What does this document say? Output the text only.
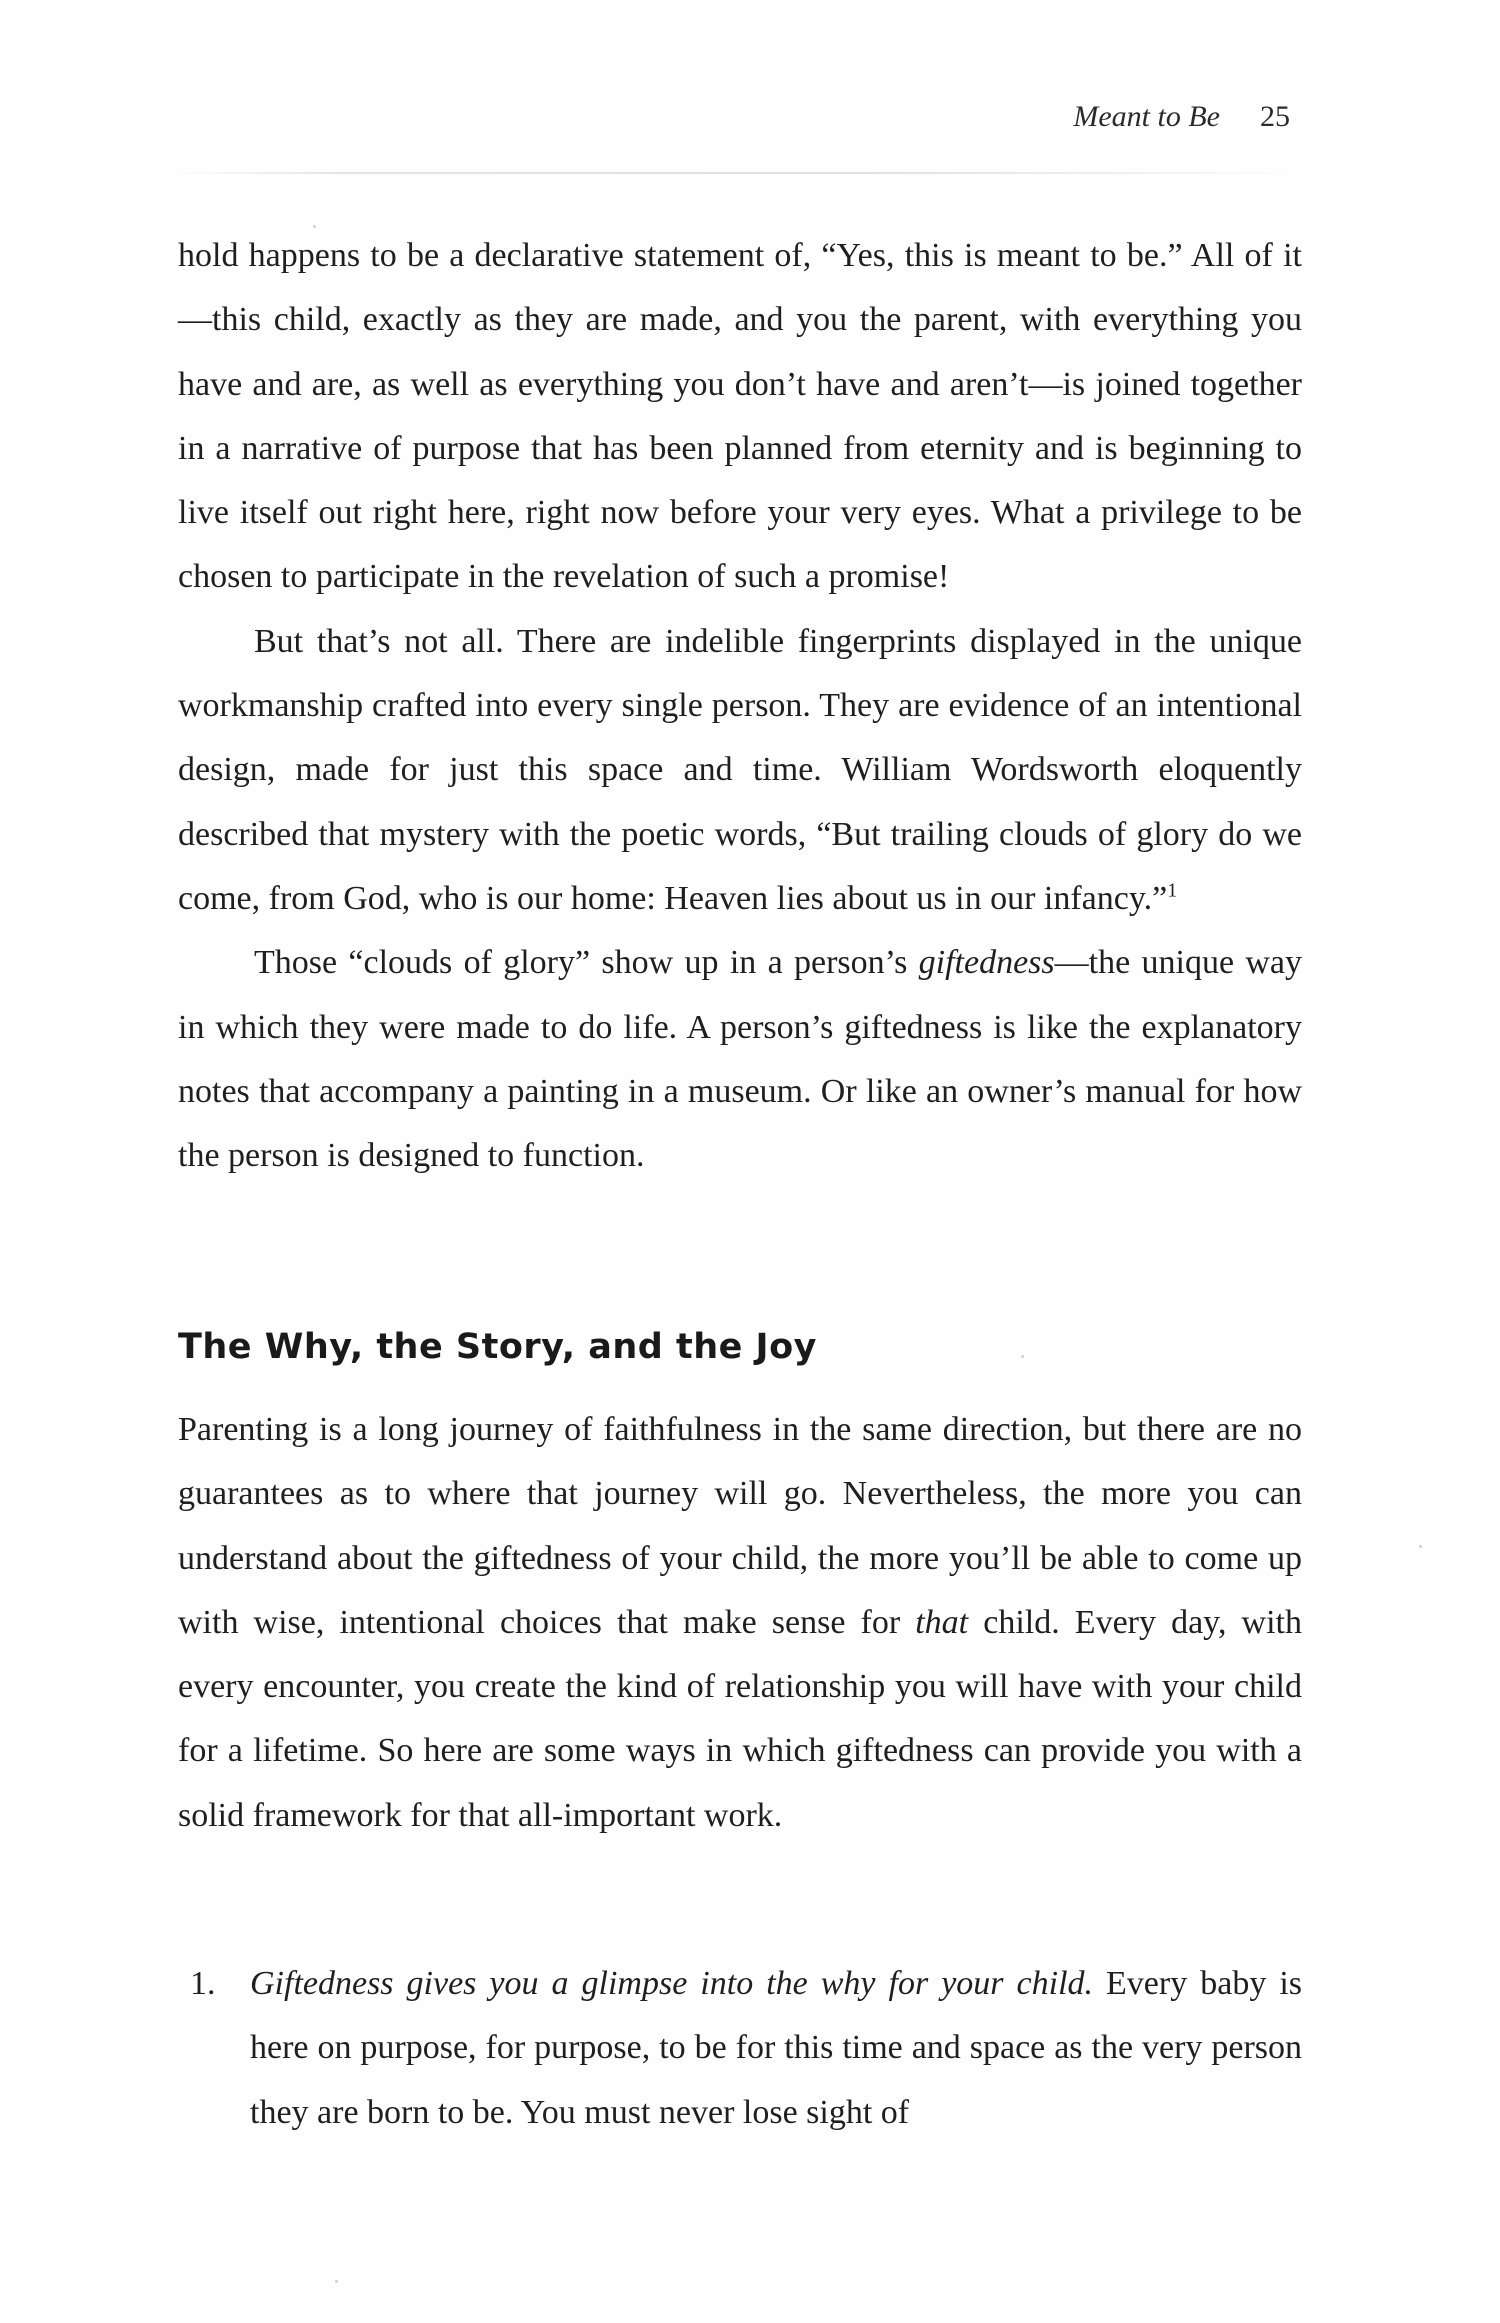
Meant to Be 25

hold happens to be a declarative statement of, “Yes, this is meant to be.” All of it—this child, exactly as they are made, and you the parent, with everything you have and are, as well as everything you don’t have and aren’t—is joined together in a narrative of purpose that has been planned from eternity and is beginning to live itself out right here, right now before your very eyes. What a privilege to be chosen to participate in the revelation of such a promise!

But that’s not all. There are indelible fingerprints displayed in the unique workmanship crafted into every single person. They are evidence of an intentional design, made for just this space and time. William Wordsworth eloquently described that mystery with the poetic words, “But trailing clouds of glory do we come, from God, who is our home: Heaven lies about us in our infancy.”$^1$

Those “clouds of glory” show up in a person’s giftedness—the unique way in which they were made to do life. A person’s giftedness is like the explanatory notes that accompany a painting in a museum. Or like an owner’s manual for how the person is designed to function.

The Why, the Story, and the Joy

Parenting is a long journey of faithfulness in the same direction, but there are no guarantees as to where that journey will go. Nevertheless, the more you can understand about the giftedness of your child, the more you’ll be able to come up with wise, intentional choices that make sense for that child. Every day, with every encounter, you create the kind of relationship you will have with your child for a lifetime. So here are some ways in which giftedness can provide you with a solid framework for that all-important work.

1. Giftedness gives you a glimpse into the why for your child. Every baby is here on purpose, for purpose, to be for this time and space as the very person they are born to be. You must never lose sight of
